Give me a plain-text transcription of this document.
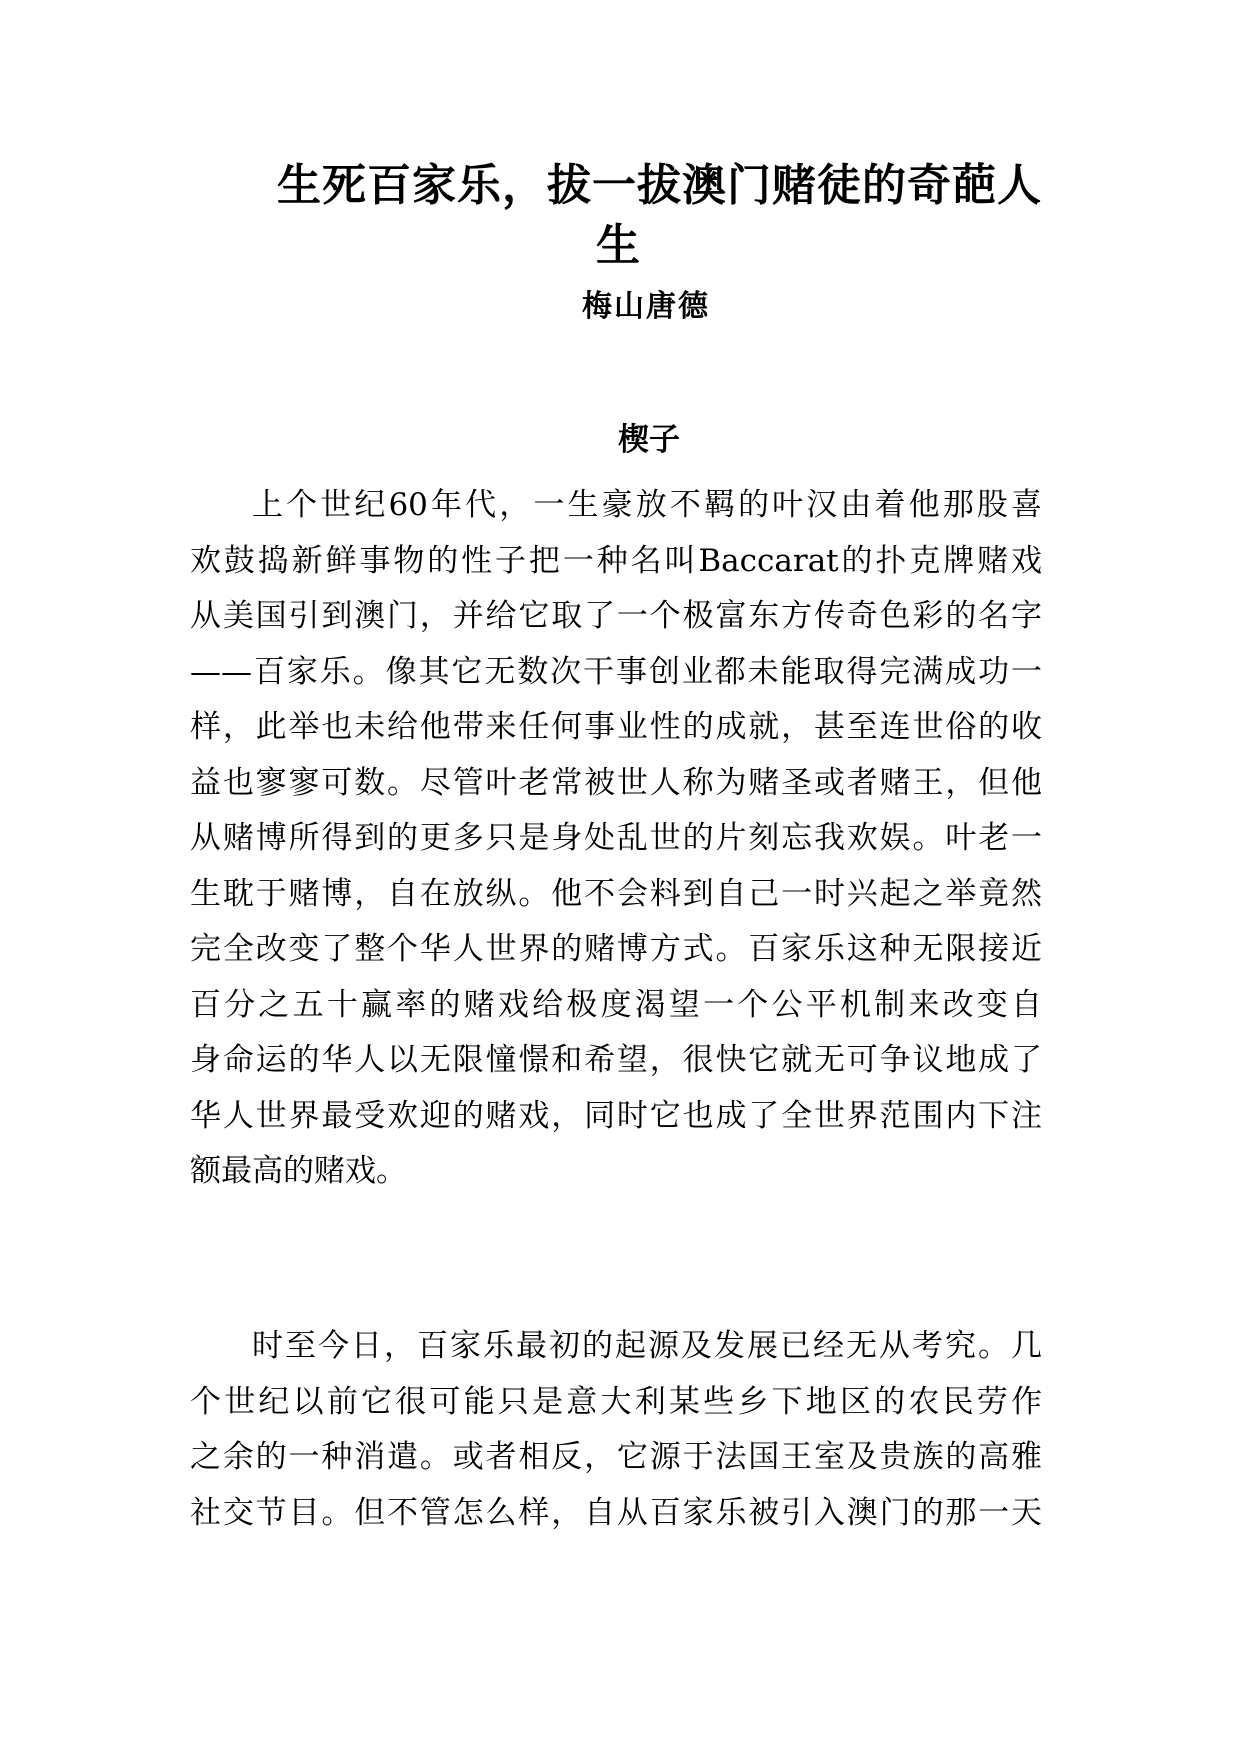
生死百家乐，拔一拔澳门赌徒的奇葩人
生

梅山唐德

楔子
上个世纪60年代，一生豪放不羁的叶汉由着他那股喜
欢鼓捣新鲜事物的性子把一种名叫Baccarat的扑克牌赌戏
从美国引到澳门，并给它取了一个极富东方传奇色彩的名字
——百家乐。像其它无数次干事创业都未能取得完满成功一
样，此举也未给他带来任何事业性的成就，甚至连世俗的收
益也寥寥可数。尽管叶老常被世人称为赌圣或者赌王，但他
从赌博所得到的更多只是身处乱世的片刻忘我欢娱。叶老一
生耽于赌博，自在放纵。他不会料到自己一时兴起之举竟然
完全改变了整个华人世界的赌博方式。百家乐这种无限接近
百分之五十赢率的赌戏给极度渴望一个公平机制来改变自
身命运的华人以无限憧憬和希望，很快它就无可争议地成了
华人世界最受欢迎的赌戏，同时它也成了全世界范围内下注
额最高的赌戏。
时至今日，百家乐最初的起源及发展已经无从考究。几
个世纪以前它很可能只是意大利某些乡下地区的农民劳作
之余的一种消遣。或者相反，它源于法国王室及贵族的高雅
社交节目。但不管怎么样，自从百家乐被引入澳门的那一天
